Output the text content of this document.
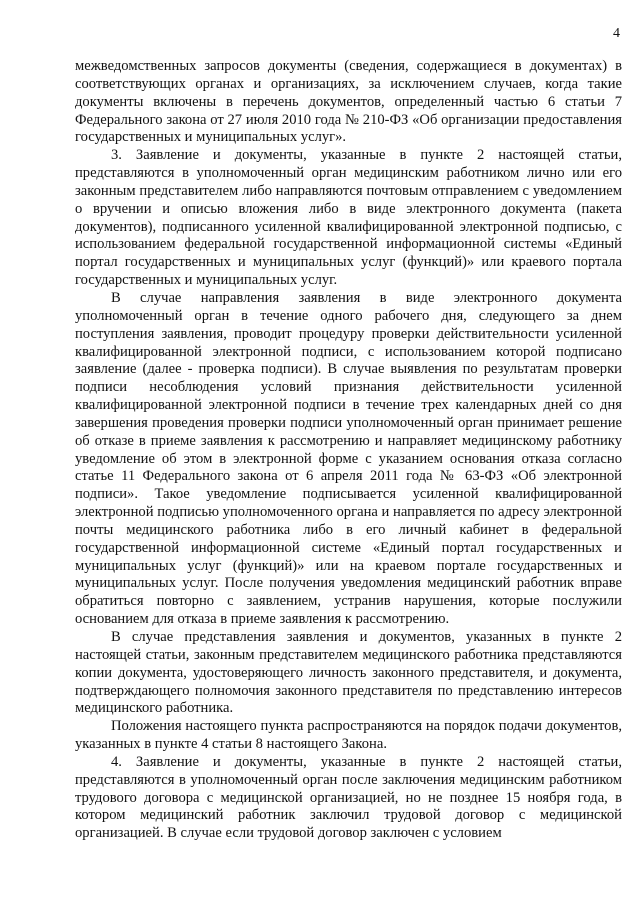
4

межведомственных запросов документы (сведения, содержащиеся в документах) в соответствующих органах и организациях, за исключением случаев, когда такие документы включены в перечень документов, определенный частью 6 статьи 7 Федерального закона от 27 июля 2010 года № 210-ФЗ «Об организации предоставления государственных и муниципальных услуг».

3. Заявление и документы, указанные в пункте 2 настоящей статьи, представляются в уполномоченный орган медицинским работником лично или его законным представителем либо направляются почтовым отправлением с уведомлением о вручении и описью вложения либо в виде электронного документа (пакета документов), подписанного усиленной квалифицированной электронной подписью, с использованием федеральной государственной информационной системы «Единый портал государственных и муниципальных услуг (функций)» или краевого портала государственных и муниципальных услуг.

В случае направления заявления в виде электронного документа уполномоченный орган в течение одного рабочего дня, следующего за днем поступления заявления, проводит процедуру проверки действительности усиленной квалифицированной электронной подписи, с использованием которой подписано заявление (далее - проверка подписи). В случае выявления по результатам проверки подписи несоблюдения условий признания действительности усиленной квалифицированной электронной подписи в течение трех календарных дней со дня завершения проведения проверки подписи уполномоченный орган принимает решение об отказе в приеме заявления к рассмотрению и направляет медицинскому работнику уведомление об этом в электронной форме с указанием основания отказа согласно статье 11 Федерального закона от 6 апреля 2011 года № 63-ФЗ «Об электронной подписи». Такое уведомление подписывается усиленной квалифицированной электронной подписью уполномоченного органа и направляется по адресу электронной почты медицинского работника либо в его личный кабинет в федеральной государственной информационной системе «Единый портал государственных и муниципальных услуг (функций)» или на краевом портале государственных и муниципальных услуг. После получения уведомления медицинский работник вправе обратиться повторно с заявлением, устранив нарушения, которые послужили основанием для отказа в приеме заявления к рассмотрению.

В случае представления заявления и документов, указанных в пункте 2 настоящей статьи, законным представителем медицинского работника представляются копии документа, удостоверяющего личность законного представителя, и документа, подтверждающего полномочия законного представителя по представлению интересов медицинского работника.

Положения настоящего пункта распространяются на порядок подачи документов, указанных в пункте 4 статьи 8 настоящего Закона.

4. Заявление и документы, указанные в пункте 2 настоящей статьи, представляются в уполномоченный орган после заключения медицинским работником трудового договора с медицинской организацией, но не позднее 15 ноября года, в котором медицинский работник заключил трудовой договор с медицинской организацией. В случае если трудовой договор заключен с условием
